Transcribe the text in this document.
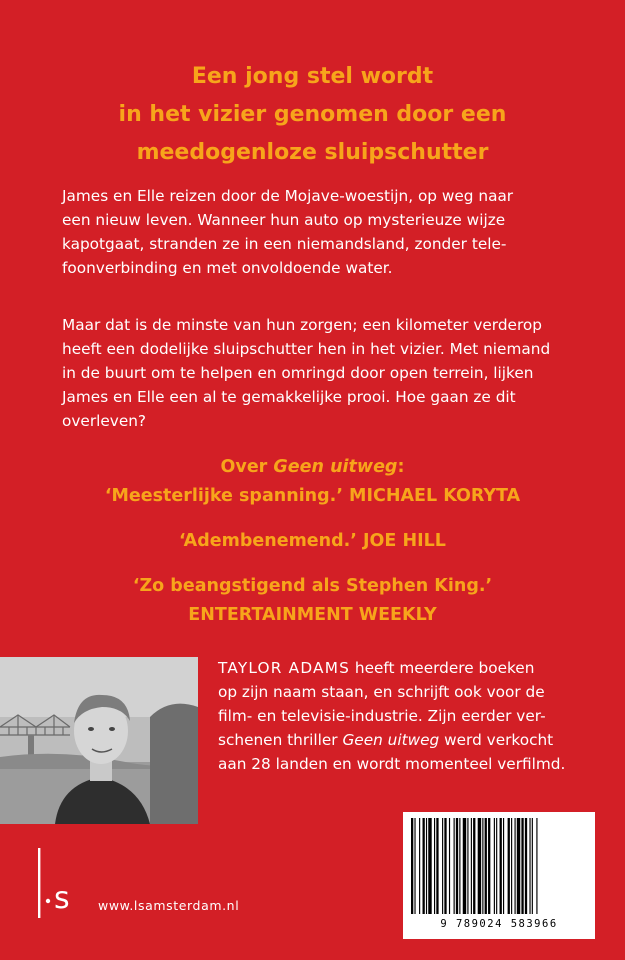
Een jong stel wordt
in het vizier genomen door een
meedogenloze sluipschutter
James en Elle reizen door de Mojave-woestijn, op weg naar
een nieuw leven. Wanneer hun auto op mysterieuze wijze
kapotgaat, stranden ze in een niemandsland, zonder tele-
foonverbinding en met onvoldoende water.
Maar dat is de minste van hun zorgen; een kilometer verderop
heeft een dodelijke sluipschutter hen in het vizier. Met niemand
in de buurt om te helpen en omringd door open terrein, lijken
James en Elle een al te gemakkelijke prooi. Hoe gaan ze dit
overleven?
Over Geen uitweg:
‘Meesterlijke spanning.’ MICHAEL KORYTA
‘Adembenemend.’ JOE HILL
‘Zo beangstigend als Stephen King.’
ENTERTAINMENT WEEKLY
TAYLOR ADAMS heeft meerdere boeken
op zijn naam staan, en schrijft ook voor de
film- en televisie-industrie. Zijn eerder ver-
schenen thriller Geen uitweg werd verkocht
aan 28 landen en wordt momenteel verfilmd.
s www.lsamsterdam.nl
9 789024 583966
